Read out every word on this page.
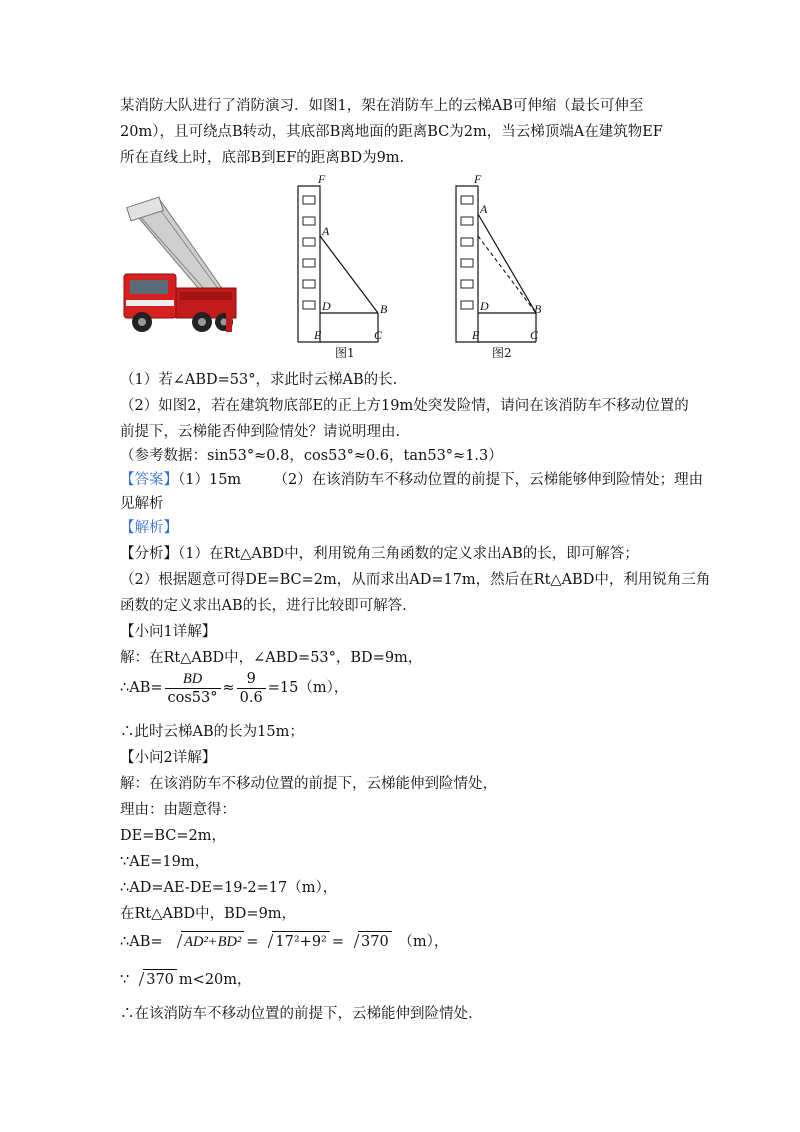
某消防大队进行了消防演习．如图1，架在消防车上的云梯AB可伸缩（最长可伸至
20m），且可绕点B转动，其底部B离地面的距离BC为2m，当云梯顶端A在建筑物EF
所在直线上时，底部B到EF的距离BD为9m.
F
A
D	B
E	C
图1
F
A
D	B
E	C
图2
（1）若∠ABD=53°，求此时云梯AB的长.
（2）如图2，若在建筑物底部E的正上方19m处突发险情，请问在该消防车不移动位置的
前提下，云梯能否伸到险情处？请说明理由.
（参考数据：sin53°≈0.8，cos53°≈0.6，tan53°≈1.3）
【答案】（1）15m （2）在该消防车不移动位置的前提下，云梯能够伸到险情处；理由
见解析
【解析】
【分析】（1）在Rt△ABD中，利用锐角三角函数的定义求出AB的长，即可解答；
（2）根据题意可得DE=BC=2m，从而求出AD=17m，然后在Rt△ABD中，利用锐角三角
函数的定义求出AB的长，进行比较即可解答.
【小问1详解】
解：在Rt△ABD中，∠ABD=53°，BD=9m，
∴AB= $\frac{BD}{\cos 53^\circ} \approx \frac{9}{0.6} =15(m)$，
∴此时云梯AB的长为15m；
【小问2详解】
解：在该消防车不移动位置的前提下，云梯能伸到险情处，
理由：由题意得：
DE=BC=2m，
∵AE=19m，
∴AD=AE-DE=19-2=17（m），
在Rt△ABD中，BD=9m，
∴AB= AD²+BD² = 17²+9² = 370 （m），
∵ 370 m<20m，
∴在该消防车不移动位置的前提下，云梯能伸到险情处.
